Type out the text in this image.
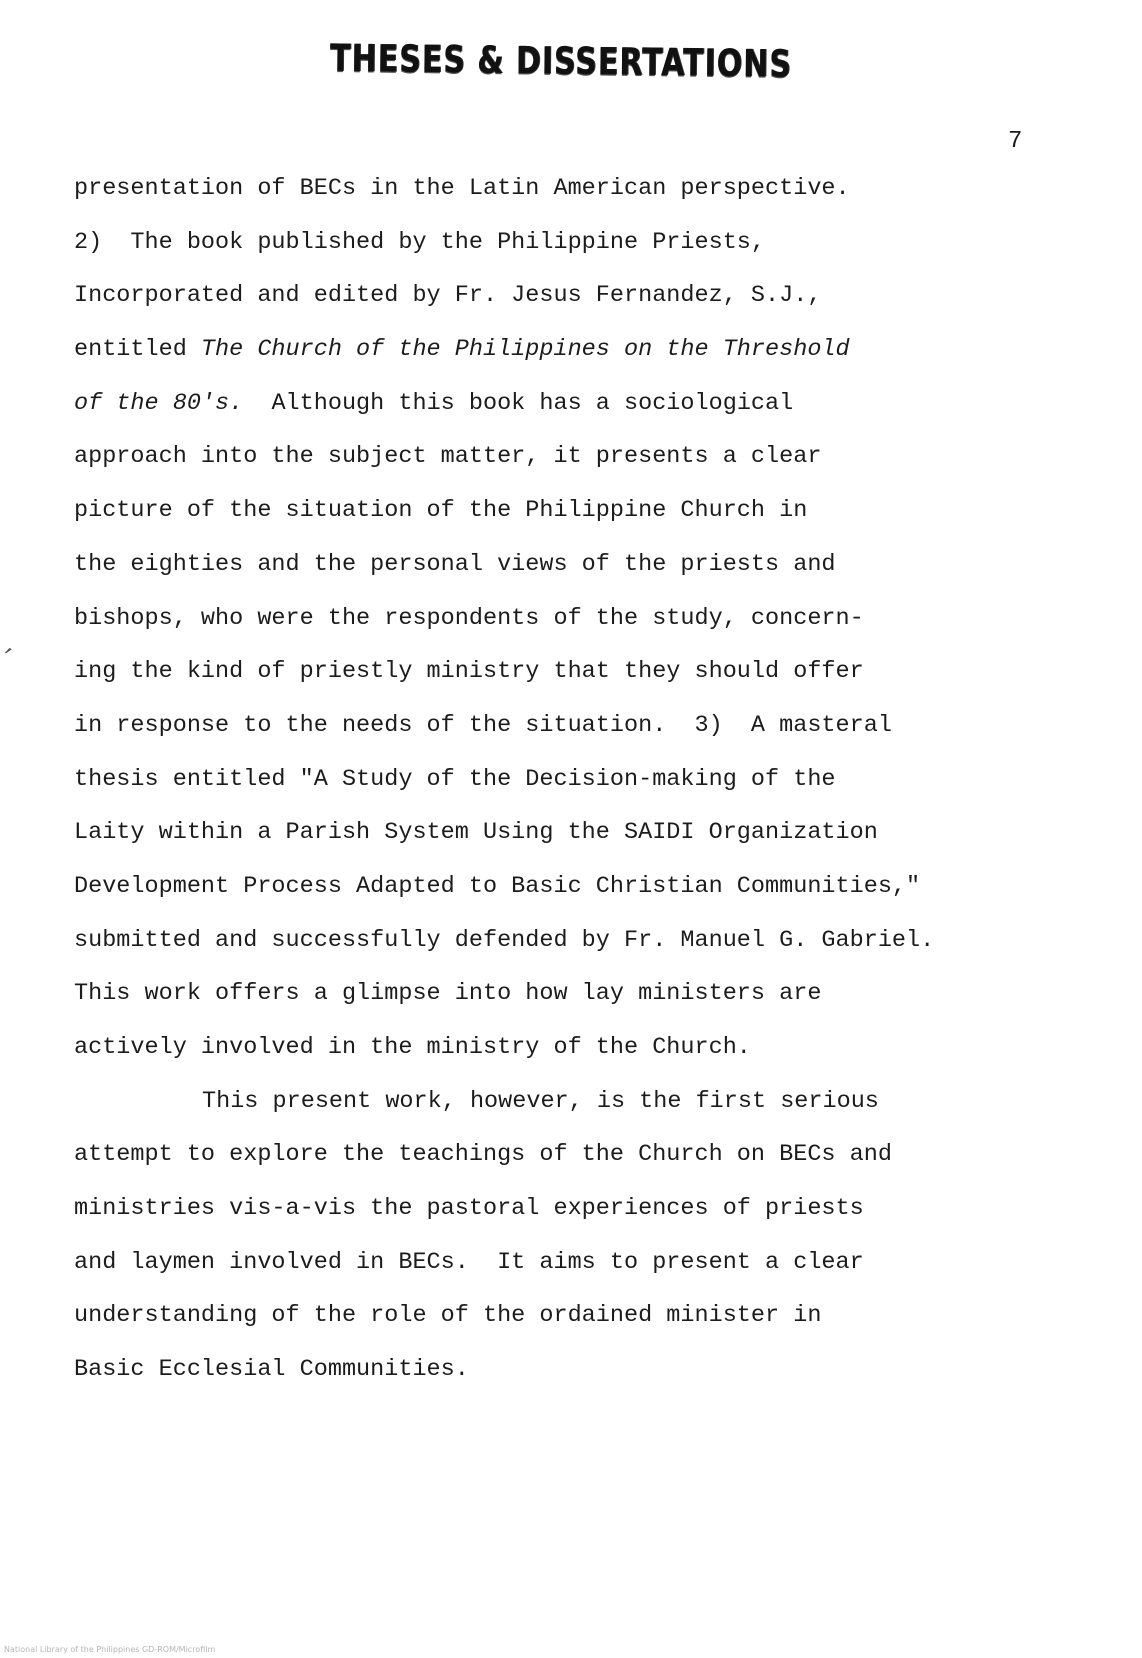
THESES & DISSERTATIONS
7
,
presentation of BECs in the Latin American perspective.
2)  The book published by the Philippine Priests,
Incorporated and edited by Fr. Jesus Fernandez, S.J.,
entitled The Church of the Philippines on the Threshold
of the 80's.  Although this book has a sociological
approach into the subject matter, it presents a clear
picture of the situation of the Philippine Church in
the eighties and the personal views of the priests and
bishops, who were the respondents of the study, concern-
ing the kind of priestly ministry that they should offer
in response to the needs of the situation.  3)  A masteral
thesis entitled "A Study of the Decision-making of the
Laity within a Parish System Using the SAIDI Organization
Development Process Adapted to Basic Christian Communities,"
submitted and successfully defended by Fr. Manuel G. Gabriel.
This work offers a glimpse into how lay ministers are
actively involved in the ministry of the Church.
This present work, however, is the first serious
attempt to explore the teachings of the Church on BECs and
ministries vis-a-vis the pastoral experiences of priests
and laymen involved in BECs.  It aims to present a clear
understanding of the role of the ordained minister in
Basic Ecclesial Communities.
National Library of the Philippines GD-ROM/Microfilm
